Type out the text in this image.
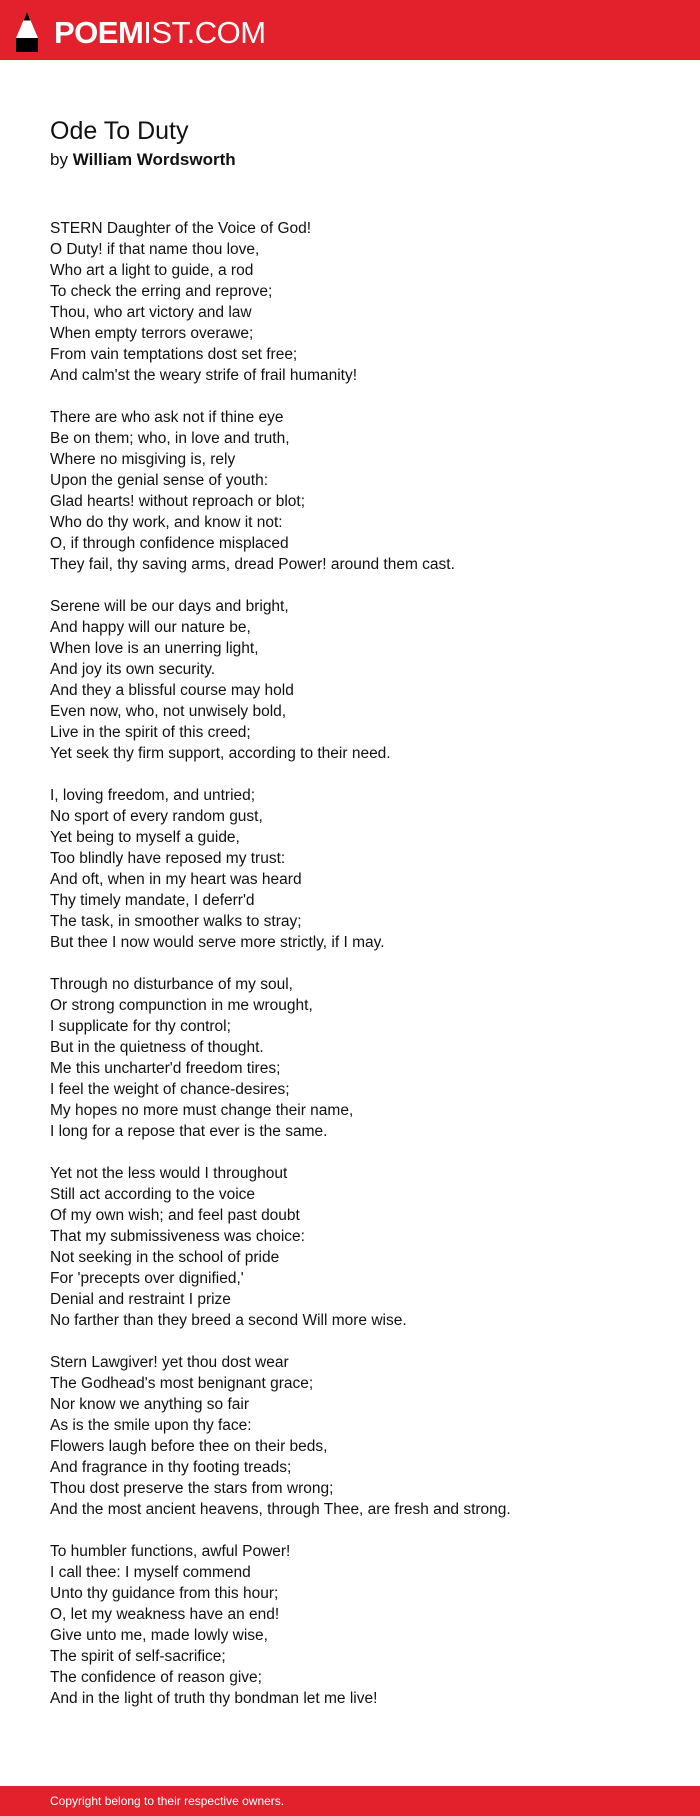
POEMIST.COM
Ode To Duty
by William Wordsworth
STERN Daughter of the Voice of God!
O Duty! if that name thou love,
Who art a light to guide, a rod
To check the erring and reprove;
Thou, who art victory and law
When empty terrors overawe;
From vain temptations dost set free;
And calm'st the weary strife of frail humanity!
There are who ask not if thine eye
Be on them; who, in love and truth,
Where no misgiving is, rely
Upon the genial sense of youth:
Glad hearts! without reproach or blot;
Who do thy work, and know it not:
O, if through confidence misplaced
They fail, thy saving arms, dread Power! around them cast.
Serene will be our days and bright,
And happy will our nature be,
When love is an unerring light,
And joy its own security.
And they a blissful course may hold
Even now, who, not unwisely bold,
Live in the spirit of this creed;
Yet seek thy firm support, according to their need.
I, loving freedom, and untried;
No sport of every random gust,
Yet being to myself a guide,
Too blindly have reposed my trust:
And oft, when in my heart was heard
Thy timely mandate, I deferr'd
The task, in smoother walks to stray;
But thee I now would serve more strictly, if I may.
Through no disturbance of my soul,
Or strong compunction in me wrought,
I supplicate for thy control;
But in the quietness of thought.
Me this uncharter'd freedom tires;
I feel the weight of chance-desires;
My hopes no more must change their name,
I long for a repose that ever is the same.
Yet not the less would I throughout
Still act according to the voice
Of my own wish; and feel past doubt
That my submissiveness was choice:
Not seeking in the school of pride
For 'precepts over dignified,'
Denial and restraint I prize
No farther than they breed a second Will more wise.
Stern Lawgiver! yet thou dost wear
The Godhead's most benignant grace;
Nor know we anything so fair
As is the smile upon thy face:
Flowers laugh before thee on their beds,
And fragrance in thy footing treads;
Thou dost preserve the stars from wrong;
And the most ancient heavens, through Thee, are fresh and strong.
To humbler functions, awful Power!
I call thee: I myself commend
Unto thy guidance from this hour;
O, let my weakness have an end!
Give unto me, made lowly wise,
The spirit of self-sacrifice;
The confidence of reason give;
And in the light of truth thy bondman let me live!
Copyright belong to their respective owners.
